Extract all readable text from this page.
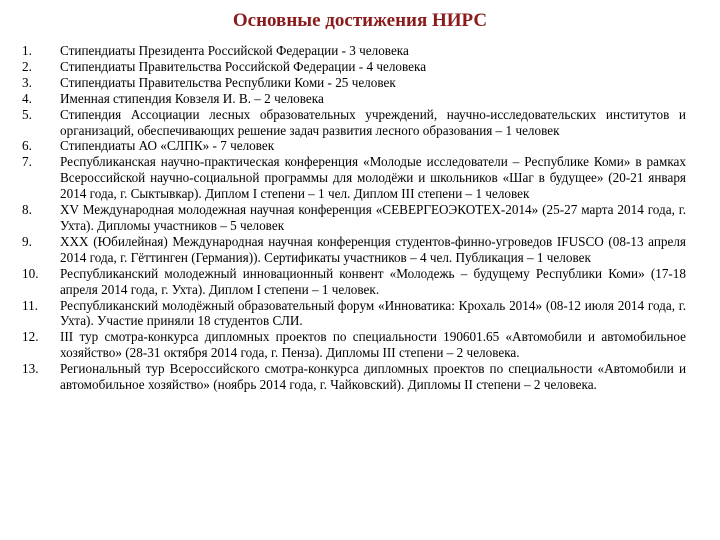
Основные достижения НИРС
1.	Стипендиаты Президента Российской Федерации - 3 человека
2.	Стипендиаты Правительства Российской Федерации - 4 человека
3.	Стипендиаты Правительства Республики Коми - 25 человек
4.	Именная стипендия Ковзеля И. В. – 2 человека
5.	Стипендия Ассоциации лесных образовательных учреждений, научно-исследовательских институтов и организаций, обеспечивающих решение задач развития лесного образования – 1 человек
6.	Стипендиаты АО «СЛПК» - 7 человек
7.	Республиканская научно-практическая конференция «Молодые исследователи – Республике Коми» в рамках Всероссийской научно-социальной программы для молодёжи и школьников «Шаг в будущее» (20-21 января 2014 года, г. Сыктывкар). Диплом I степени – 1 чел. Диплом III степени – 1 человек
8.	XV Международная молодежная научная конференция «СЕВЕРГЕОЭКОТЕХ-2014» (25-27 марта 2014 года, г. Ухта). Дипломы участников – 5 человек
9.	XXX (Юбилейная) Международная научная конференция студентов-финно-угроведов IFUSCO (08-13 апреля 2014 года, г. Гёттинген (Германия)). Сертификаты участников – 4 чел. Публикация – 1 человек
10.	Республиканский молодежный инновационный конвент «Молодежь – будущему Республики Коми» (17-18 апреля 2014 года, г. Ухта). Диплом I степени – 1 человек.
11.	Республиканский молодёжный образовательный форум «Инноватика: Крохаль 2014» (08-12 июля 2014 года, г. Ухта). Участие приняли 18 студентов СЛИ.
12.	III тур смотра-конкурса дипломных проектов по специальности 190601.65 «Автомобили и автомобильное хозяйство» (28-31 октября 2014 года, г. Пенза). Дипломы III степени – 2 человека.
13.	Региональный тур Всероссийского смотра-конкурса дипломных проектов по специальности «Автомобили и автомобильное хозяйство» (ноябрь 2014 года, г. Чайковский). Дипломы II степени – 2 человека.
